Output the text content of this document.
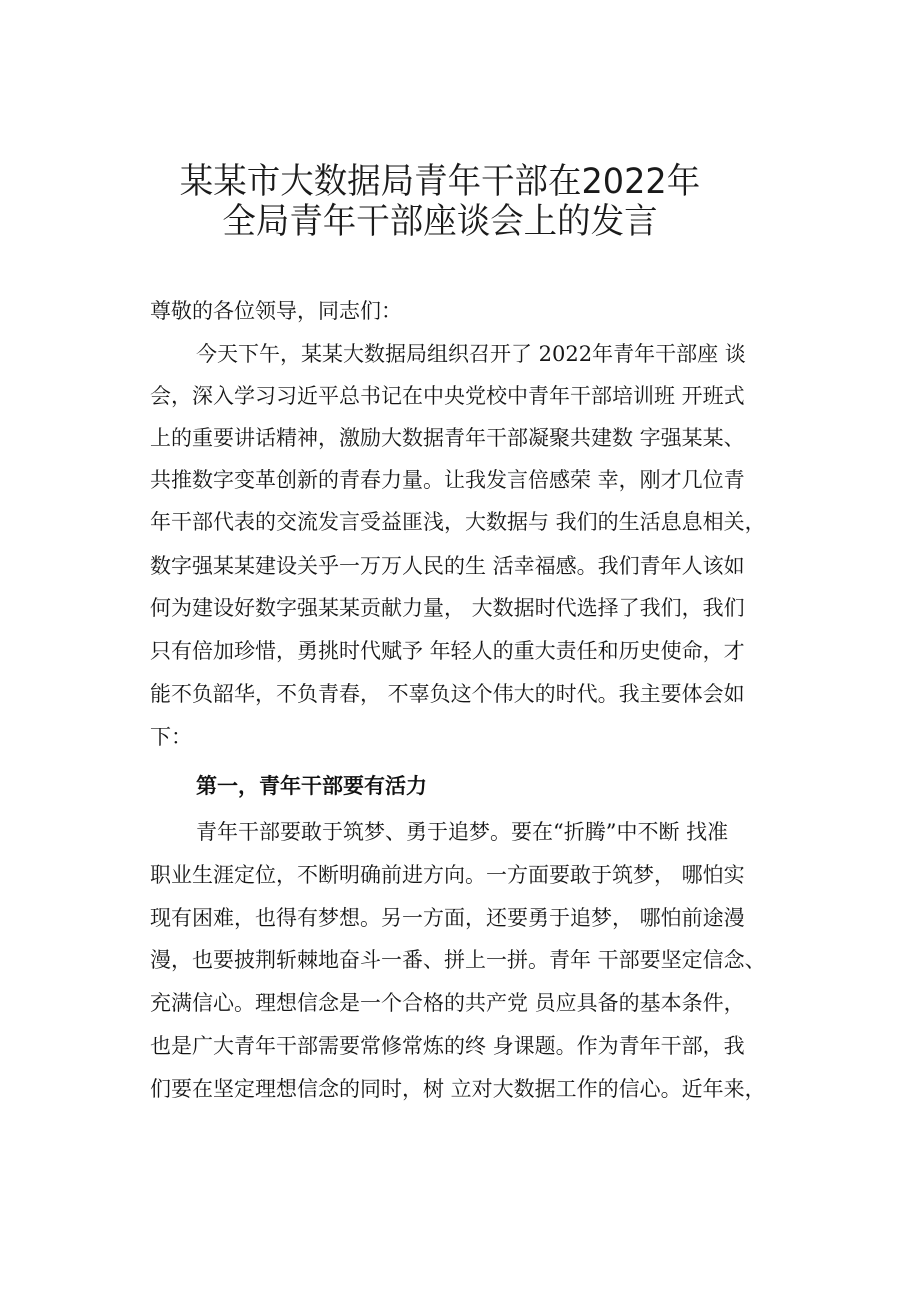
某某市大数据局青年干部在2022年
全局青年干部座谈会上的发言
尊敬的各位领导，同志们：
今天下午，某某大数据局组织召开了 2022年青年干部座 谈
会，深入学习习近平总书记在中央党校中青年干部培训班 开班式
上的重要讲话精神，激励大数据青年干部凝聚共建数 字强某某、
共推数字变革创新的青春力量。让我发言倍感荣 幸，刚才几位青
年干部代表的交流发言受益匪浅，大数据与 我们的生活息息相关，
数字强某某建设关乎一万万人民的生 活幸福感。我们青年人该如
何为建设好数字强某某贡献力量， 大数据时代选择了我们，我们
只有倍加珍惜，勇挑时代赋予 年轻人的重大责任和历史使命，才
能不负韶华，不负青春， 不辜负这个伟大的时代。我主要体会如
下：
第一，青年干部要有活力
青年干部要敢于筑梦、勇于追梦。要在“折腾”中不断 找准
职业生涯定位，不断明确前进方向。一方面要敢于筑梦， 哪怕实
现有困难，也得有梦想。另一方面，还要勇于追梦， 哪怕前途漫
漫，也要披荆斩棘地奋斗一番、拼上一拼。青年 干部要坚定信念、
充满信心。理想信念是一个合格的共产党 员应具备的基本条件，
也是广大青年干部需要常修常炼的终 身课题。作为青年干部，我
们要在坚定理想信念的同时，树 立对大数据工作的信心。近年来，
